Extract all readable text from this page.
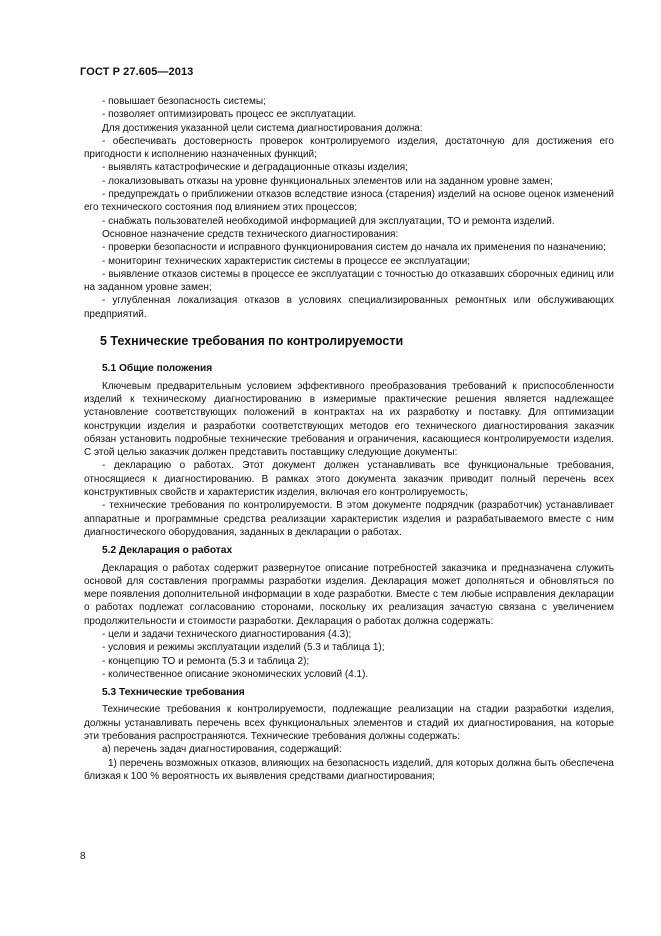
ГОСТ Р 27.605—2013

- повышает безопасность системы;

- позволяет оптимизировать процесс ее эксплуатации.

Для достижения указанной цели система диагностирования должна:

- обеспечивать достоверность проверок контролируемого изделия, достаточную для достижения его пригодности к исполнению назначенных функций;

- выявлять катастрофические и деградационные отказы изделия;

- локализовывать отказы на уровне функциональных элементов или на заданном уровне замен;

- предупреждать о приближении отказов вследствие износа (старения) изделий на основе оценок изменений его технического состояния под влиянием этих процессов;

- снабжать пользователей необходимой информацией для эксплуатации, ТО и ремонта изделий.

Основное назначение средств технического диагностирования:

- проверки безопасности и исправного функционирования систем до начала их применения по назначению;

- мониторинг технических характеристик системы в процессе ее эксплуатации;

- выявление отказов системы в процессе ее эксплуатации с точностью до отказавших сборочных единиц или на заданном уровне замен;

- углубленная локализация отказов в условиях специализированных ремонтных или обслуживающих предприятий.

5 Технические требования по контролируемости

5.1 Общие положения

Ключевым предварительным условием эффективного преобразования требований к приспособленности изделий к техническому диагностированию в измеримые практические решения является надлежащее установление соответствующих положений в контрактах на их разработку и поставку. Для оптимизации конструкции изделия и разработки соответствующих методов его технического диагностирования заказчик обязан установить подробные технические требования и ограничения, касающиеся контролируемости изделия. С этой целью заказчик должен представить поставщику следующие документы:

- декларацию о работах. Этот документ должен устанавливать все функциональные требования, относящиеся к диагностированию. В рамках этого документа заказчик приводит полный перечень всех конструктивных свойств и характеристик изделия, включая его контролируемость;

- технические требования по контролируемости. В этом документе подрядчик (разработчик) устанавливает аппаратные и программные средства реализации характеристик изделия и разрабатываемого вместе с ним диагностического оборудования, заданных в декларации о работах.

5.2 Декларация о работах

Декларация о работах содержит развернутое описание потребностей заказчика и предназначена служить основой для составления программы разработки изделия. Декларация может дополняться и обновляться по мере появления дополнительной информации в ходе разработки. Вместе с тем любые исправления декларации о работах подлежат согласованию сторонами, поскольку их реализация зачастую связана с увеличением продолжительности и стоимости разработки. Декларация о работах должна содержать:

- цели и задачи технического диагностирования (4.3);

- условия и режимы эксплуатации изделий (5.3 и таблица 1);

- концепцию ТО и ремонта (5.3 и таблица 2);

- количественное описание экономических условий (4.1).

5.3 Технические требования

Технические требования к контролируемости, подлежащие реализации на стадии разработки изделия, должны устанавливать перечень всех функциональных элементов и стадий их диагностирования, на которые эти требования распространяются. Технические требования должны содержать:

а) перечень задач диагностирования, содержащий:

1) перечень возможных отказов, влияющих на безопасность изделий, для которых должна быть обеспечена близкая к 100 % вероятность их выявления средствами диагностирования;

8
